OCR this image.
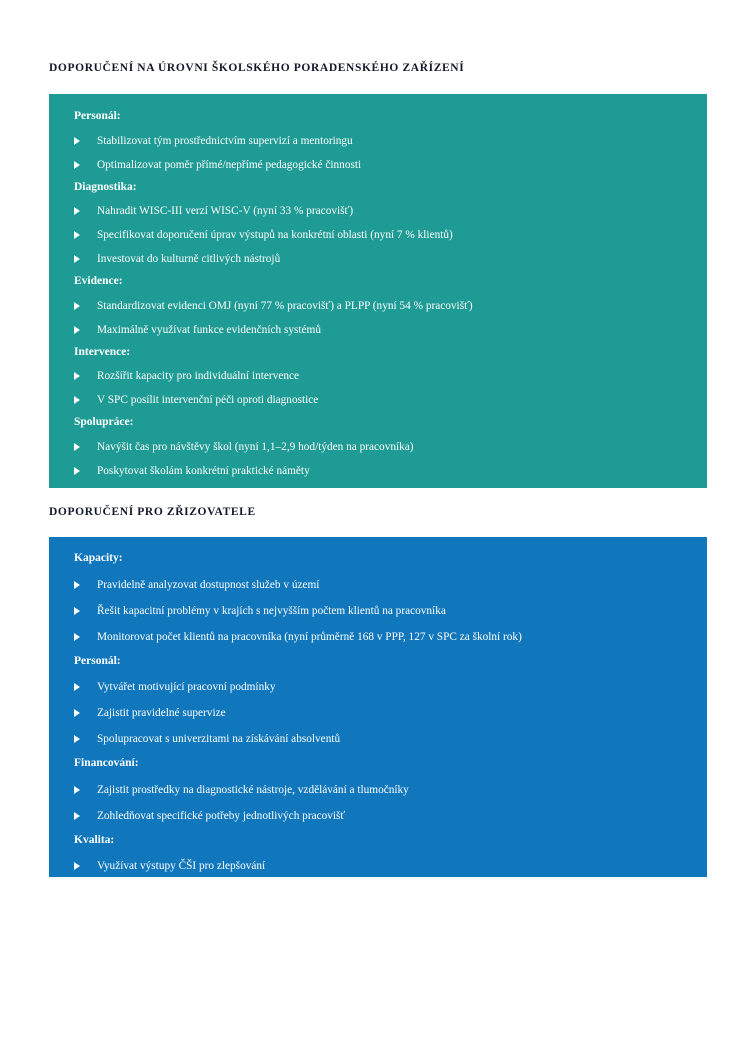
DOPORUČENÍ NA ÚROVNI ŠKOLSKÉHO PORADENSKÉHO ZAŘÍZENÍ
Personál:
Stabilizovat tým prostřednictvím supervizí a mentoringu
Optimalizovat poměr přímé/nepřímé pedagogické činnosti
Diagnostika:
Nahradit WISC-III verzí WISC-V (nyní 33 % pracovišť)
Specifikovat doporučení úprav výstupů na konkrétní oblasti (nyní 7 % klientů)
Investovat do kulturně citlivých nástrojů
Evidence:
Standardizovat evidenci OMJ (nyní 77 % pracovišť) a PLPP (nyní 54 % pracovišť)
Maximálně využívat funkce evidenčních systémů
Intervence:
Rozšířit kapacity pro individuální intervence
V SPC posílit intervenční péči oproti diagnostice
Spolupráce:
Navýšit čas pro návštěvy škol (nyní 1,1–2,9 hod/týden na pracovníka)
Poskytovat školám konkrétní praktické náměty
DOPORUČENÍ PRO ZŘIZOVATELE
Kapacity:
Pravidelně analyzovat dostupnost služeb v území
Řešit kapacitní problémy v krajích s nejvyšším počtem klientů na pracovníka
Monitorovat počet klientů na pracovníka (nyní průměrně 168 v PPP, 127 v SPC za školní rok)
Personál:
Vytvářet motivující pracovní podmínky
Zajistit pravidelné supervize
Spolupracovat s univerzitami na získávání absolventů
Financování:
Zajistit prostředky na diagnostické nástroje, vzdělávání a tlumočníky
Zohledňovat specifické potřeby jednotlivých pracovišť
Kvalita:
Využívat výstupy ČŠI pro zlepšování
Systematicky sbírat a využívat data pro plánování
